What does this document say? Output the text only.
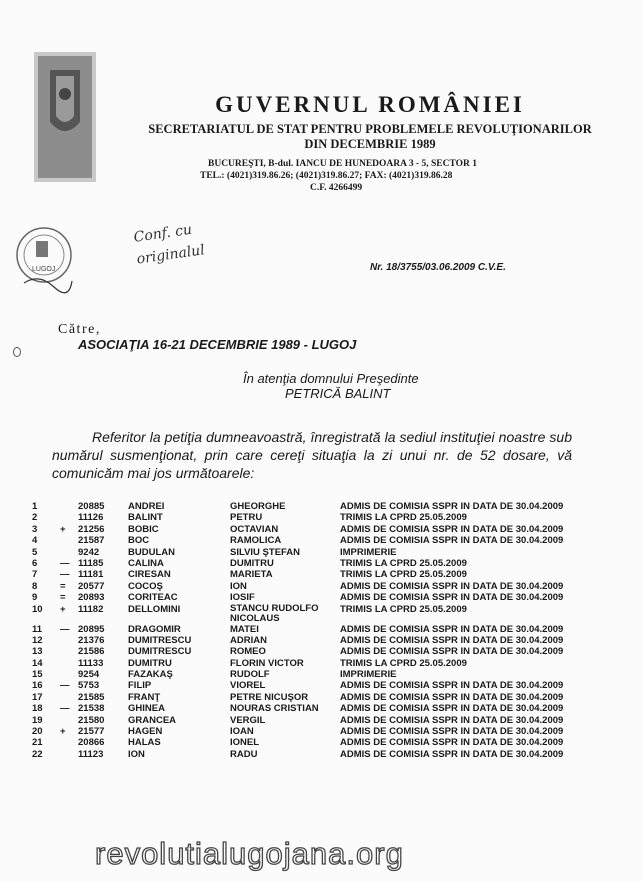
LUGOJ
GUVERNUL ROMÂNIEI
SECRETARIATUL DE STAT PENTRU PROBLEMELE REVOLUŢIONARILOR
DIN DECEMBRIE 1989
BUCUREŞTI, B-dul. IANCU DE HUNEDOARA 3 - 5, SECTOR 1
TEL.: (4021)319.86.26; (4021)319.86.27; FAX: (4021)319.86.28
C.F. 4266499
Conf. cu
originalul	Nr. 18/3755/03.06.2009 C.V.E.
Către,
ASOCIAŢIA 16-21 DECEMBRIE 1989 - LUGOJ
În atenţia domnului Preşedinte
PETRICĂ BALINT
Referitor la petiţia dumneavoastră, înregistrată la sediul instituţiei noastre sub numărul susmenţionat, prin care cereţi situaţia la zi unui nr. de 52 dosare, vă comunicăm mai jos următoarele:
1		20885	ANDREI	GHEORGHE	ADMIS DE COMISIA SSPR IN DATA DE 30.04.2009
2		11126	BALINT	PETRU	TRIMIS LA CPRD 25.05.2009
3	+	21256	BOBIC	OCTAVIAN	ADMIS DE COMISIA SSPR IN DATA DE 30.04.2009
4		21587	BOC	RAMOLICA	ADMIS DE COMISIA SSPR IN DATA DE 30.04.2009
5		9242	BUDULAN	SILVIU ŞTEFAN	IMPRIMERIE
6	—	11185	CALINA	DUMITRU	TRIMIS LA CPRD 25.05.2009
7	—	11181	CIRESAN	MARIETA	TRIMIS LA CPRD 25.05.2009
8	=	20577	COCOŞ	ION	ADMIS DE COMISIA SSPR IN DATA DE 30.04.2009
9	=	20893	CORITEAC	IOSIF	ADMIS DE COMISIA SSPR IN DATA DE 30.04.2009
10	+	11182	DELLOMINI	STANCU RUDOLFO NICOLAUS	TRIMIS LA CPRD 25.05.2009
11	—	20895	DRAGOMIR	MATEI	ADMIS DE COMISIA SSPR IN DATA DE 30.04.2009
12		21376	DUMITRESCU	ADRIAN	ADMIS DE COMISIA SSPR IN DATA DE 30.04.2009
13		21586	DUMITRESCU	ROMEO	ADMIS DE COMISIA SSPR IN DATA DE 30.04.2009
14		11133	DUMITRU	FLORIN VICTOR	TRIMIS LA CPRD 25.05.2009
15		9254	FAZAKAŞ	RUDOLF	IMPRIMERIE
16	—	5753	FILIP	VIOREL	ADMIS DE COMISIA SSPR IN DATA DE 30.04.2009
17		21585	FRANŢ	PETRE NICUŞOR	ADMIS DE COMISIA SSPR IN DATA DE 30.04.2009
18	—	21538	GHINEA	NOURAS CRISTIAN	ADMIS DE COMISIA SSPR IN DATA DE 30.04.2009
19		21580	GRANCEA	VERGIL	ADMIS DE COMISIA SSPR IN DATA DE 30.04.2009
20	+	21577	HAGEN	IOAN	ADMIS DE COMISIA SSPR IN DATA DE 30.04.2009
21		20866	HALAS	IONEL	ADMIS DE COMISIA SSPR IN DATA DE 30.04.2009
22		11123	ION	RADU	ADMIS DE COMISIA SSPR IN DATA DE 30.04.2009
revolutialugojana.org
